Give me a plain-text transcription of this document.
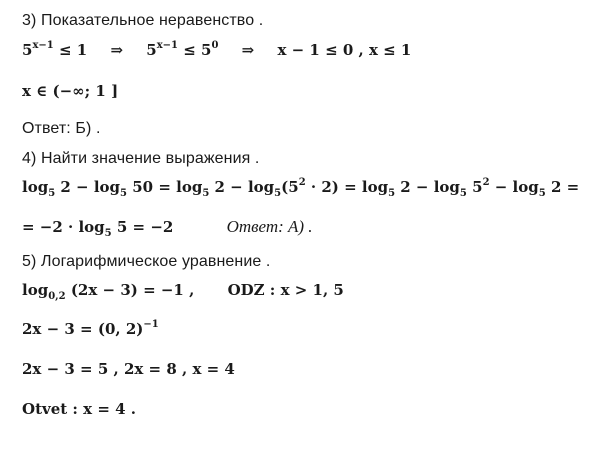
3) Показательное неравенство .
$5^{x-1} \le 1$ ⇒ $5^{x-1} \le 5^0$ ⇒ x − 1 ≤ 0 , x ≤ 1
x ∈ (−∞; 1 ]
Ответ: Б) .
4) Найти значение выражения .
$\log_5 2 - \log_5 50 = \log_5 2 - \log_5(5^2 \cdot 2) = \log_5 2 - \log_5 5^2 - \log_5 2$ =
= $-2 \cdot \log_5 5 = -2$	Ответ: А) .
5) Логарифмическое уравнение .
$\log_{0,2} (2x - 3) = -1$ , ODZ : x > 1, 5
2x − 3 = (0, 2)$^{-1}$
2x − 3 = 5 , 2x = 8 , x = 4
Otvet : x = 4 .
